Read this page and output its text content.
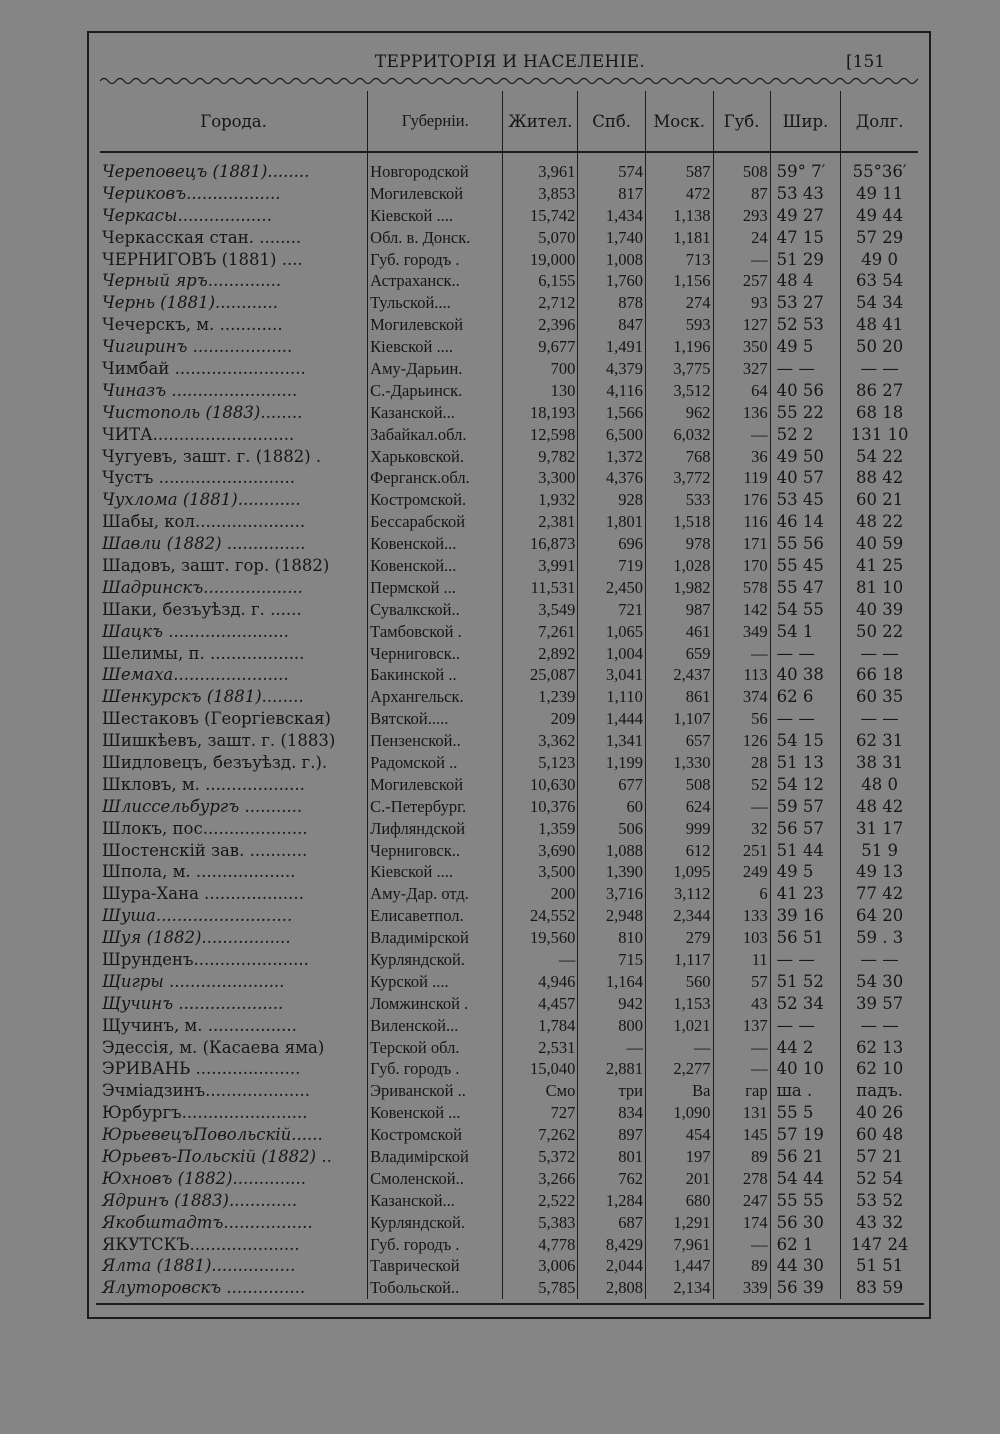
ТЕРРИТОРІЯ И НАСЕЛЕНІЕ.	[151
Города.	Губерніи.	Жител.	Спб.	Моск.	Губ.	Шир.	Долг.
Череповецъ (1881)........	Новгородской	3,961	574	587	508	59° 7′	55°36′
Чериковъ..................	Могилевской	3,853	817	472	87	53 43	49 11
Черкасы..................	Кіевской ....	15,742	1,434	1,138	293	49 27	49 44
Черкасская стан. ........	Обл. в. Донск.	5,070	1,740	1,181	24	47 15	57 29
ЧЕРНИГОВЪ (1881) ....	Губ. городъ .	19,000	1,008	713	—	51 29	49 0
Черный яръ..............	Астраханск..	6,155	1,760	1,156	257	48 4	63 54
Чернь (1881)............	Тульской....	2,712	878	274	93	53 27	54 34
Чечерскъ, м. ............	Могилевской	2,396	847	593	127	52 53	48 41
Чигиринъ ...................	Кіевской ....	9,677	1,491	1,196	350	49 5	50 20
Чимбай .........................	Аму-Дарьин.	700	4,379	3,775	327	— —	— —
Чиназъ ........................	С.-Дарьинск.	130	4,116	3,512	64	40 56	86 27
Чистополь (1883)........	Казанской...	18,193	1,566	962	136	55 22	68 18
ЧИТА...........................	Забайкал.обл.	12,598	6,500	6,032	—	52 2	131 10
Чугуевъ, зашт. г. (1882) .	Харьковской.	9,782	1,372	768	36	49 50	54 22
Чустъ ..........................	Ферганск.обл.	3,300	4,376	3,772	119	40 57	88 42
Чухлома (1881)............	Костромской.	1,932	928	533	176	53 45	60 21
Шабы, кол.....................	Бессарабской	2,381	1,801	1,518	116	46 14	48 22
Шавли (1882) ...............	Ковенской...	16,873	696	978	171	55 56	40 59
Шадовъ, зашт. гор. (1882)	Ковенской...	3,991	719	1,028	170	55 45	41 25
Шадринскъ...................	Пермской ...	11,531	2,450	1,982	578	55 47	81 10
Шаки, безъуѣзд. г. ......	Сувалкской..	3,549	721	987	142	54 55	40 39
Шацкъ .......................	Тамбовской .	7,261	1,065	461	349	54 1	50 22
Шелимы, п. ..................	Черниговск..	2,892	1,004	659	—	— —	— —
Шемаха......................	Бакинской ..	25,087	3,041	2,437	113	40 38	66 18
Шенкурскъ (1881)........	Архангельск.	1,239	1,110	861	374	62 6	60 35
Шестаковъ (Георгіевская)	Вятской.....	209	1,444	1,107	56	— —	— —
Шишкѣевъ, зашт. г. (1883)	Пензенской..	3,362	1,341	657	126	54 15	62 31
Шидловецъ, безъуѣзд. г.).	Радомской ..	5,123	1,199	1,330	28	51 13	38 31
Шкловъ, м. ...................	Могилевской	10,630	677	508	52	54 12	48 0
Шлиссельбургъ ...........	С.-Петербург.	10,376	60	624	—	59 57	48 42
Шлокъ, пос....................	Лифляндской	1,359	506	999	32	56 57	31 17
Шостенскій зав. ...........	Черниговск..	3,690	1,088	612	251	51 44	51 9
Шпола, м. ...................	Кіевской ....	3,500	1,390	1,095	249	49 5	49 13
Шура-Хана ...................	Аму-Дар. отд.	200	3,716	3,112	6	41 23	77 42
Шуша..........................	Елисаветпол.	24,552	2,948	2,344	133	39 16	64 20
Шуя (1882).................	Владимірской	19,560	810	279	103	56 51	59 . 3
Шрунденъ......................	Курляндской.	—	715	1,117	11	— —	— —
Щигры ......................	Курской ....	4,946	1,164	560	57	51 52	54 30
Щучинъ ....................	Ломжинской .	4,457	942	1,153	43	52 34	39 57
Щучинъ, м. .................	Виленской...	1,784	800	1,021	137	— —	— —
Эдессія, м. (Касаева яма)	Терской обл.	2,531	—	—	—	44 2	62 13
ЭРИВАНЬ ....................	Губ. городъ .	15,040	2,881	2,277	—	40 10	62 10
Эчміадзинъ....................	Эриванской ..	Смо	три	Ва	гар	ша .	падъ.
Юрбургъ........................	Ковенской ...	727	834	1,090	131	55 5	40 26
ЮрьевецъПовольскій......	Костромской	7,262	897	454	145	57 19	60 48
Юрьевъ-Польскій (1882) ..	Владимірской	5,372	801	197	89	56 21	57 21
Юхновъ (1882)..............	Смоленской..	3,266	762	201	278	54 44	52 54
Ядринъ (1883).............	Казанской...	2,522	1,284	680	247	55 55	53 52
Якобштадтъ.................	Курляндской.	5,383	687	1,291	174	56 30	43 32
ЯКУТСКЪ.....................	Губ. городъ .	4,778	8,429	7,961	—	62 1	147 24
Ялта (1881)................	Таврической	3,006	2,044	1,447	89	44 30	51 51
Ялуторовскъ ...............	Тобольской..	5,785	2,808	2,134	339	56 39	83 59
